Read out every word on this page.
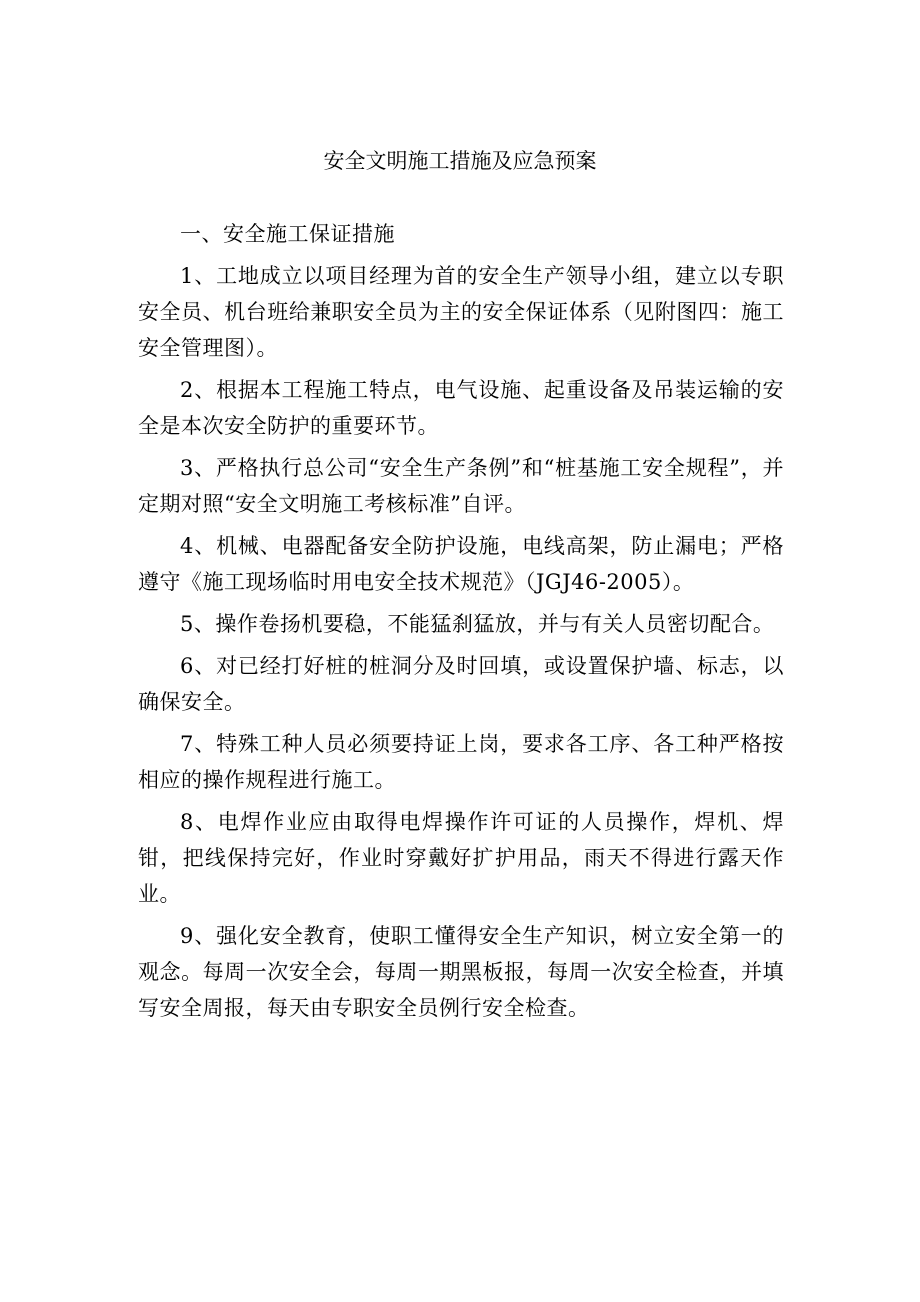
安全文明施工措施及应急预案

一、安全施工保证措施

1、工地成立以项目经理为首的安全生产领导小组，建立以专职安全员、机台班给兼职安全员为主的安全保证体系（见附图四：施工安全管理图）。

2、根据本工程施工特点，电气设施、起重设备及吊装运输的安全是本次安全防护的重要环节。

3、严格执行总公司“安全生产条例”和“桩基施工安全规程”，并定期对照“安全文明施工考核标准”自评。

4、机械、电器配备安全防护设施，电线高架，防止漏电；严格遵守《施工现场临时用电安全技术规范》（JGJ46-2005）。

5、操作卷扬机要稳，不能猛刹猛放，并与有关人员密切配合。

6、对已经打好桩的桩洞分及时回填，或设置保护墙、标志，以确保安全。

7、特殊工种人员必须要持证上岗，要求各工序、各工种严格按相应的操作规程进行施工。

8、电焊作业应由取得电焊操作许可证的人员操作，焊机、焊钳，把线保持完好，作业时穿戴好扩护用品，雨天不得进行露天作业。

9、强化安全教育，使职工懂得安全生产知识，树立安全第一的观念。每周一次安全会，每周一期黑板报，每周一次安全检查，并填写安全周报，每天由专职安全员例行安全检查。
